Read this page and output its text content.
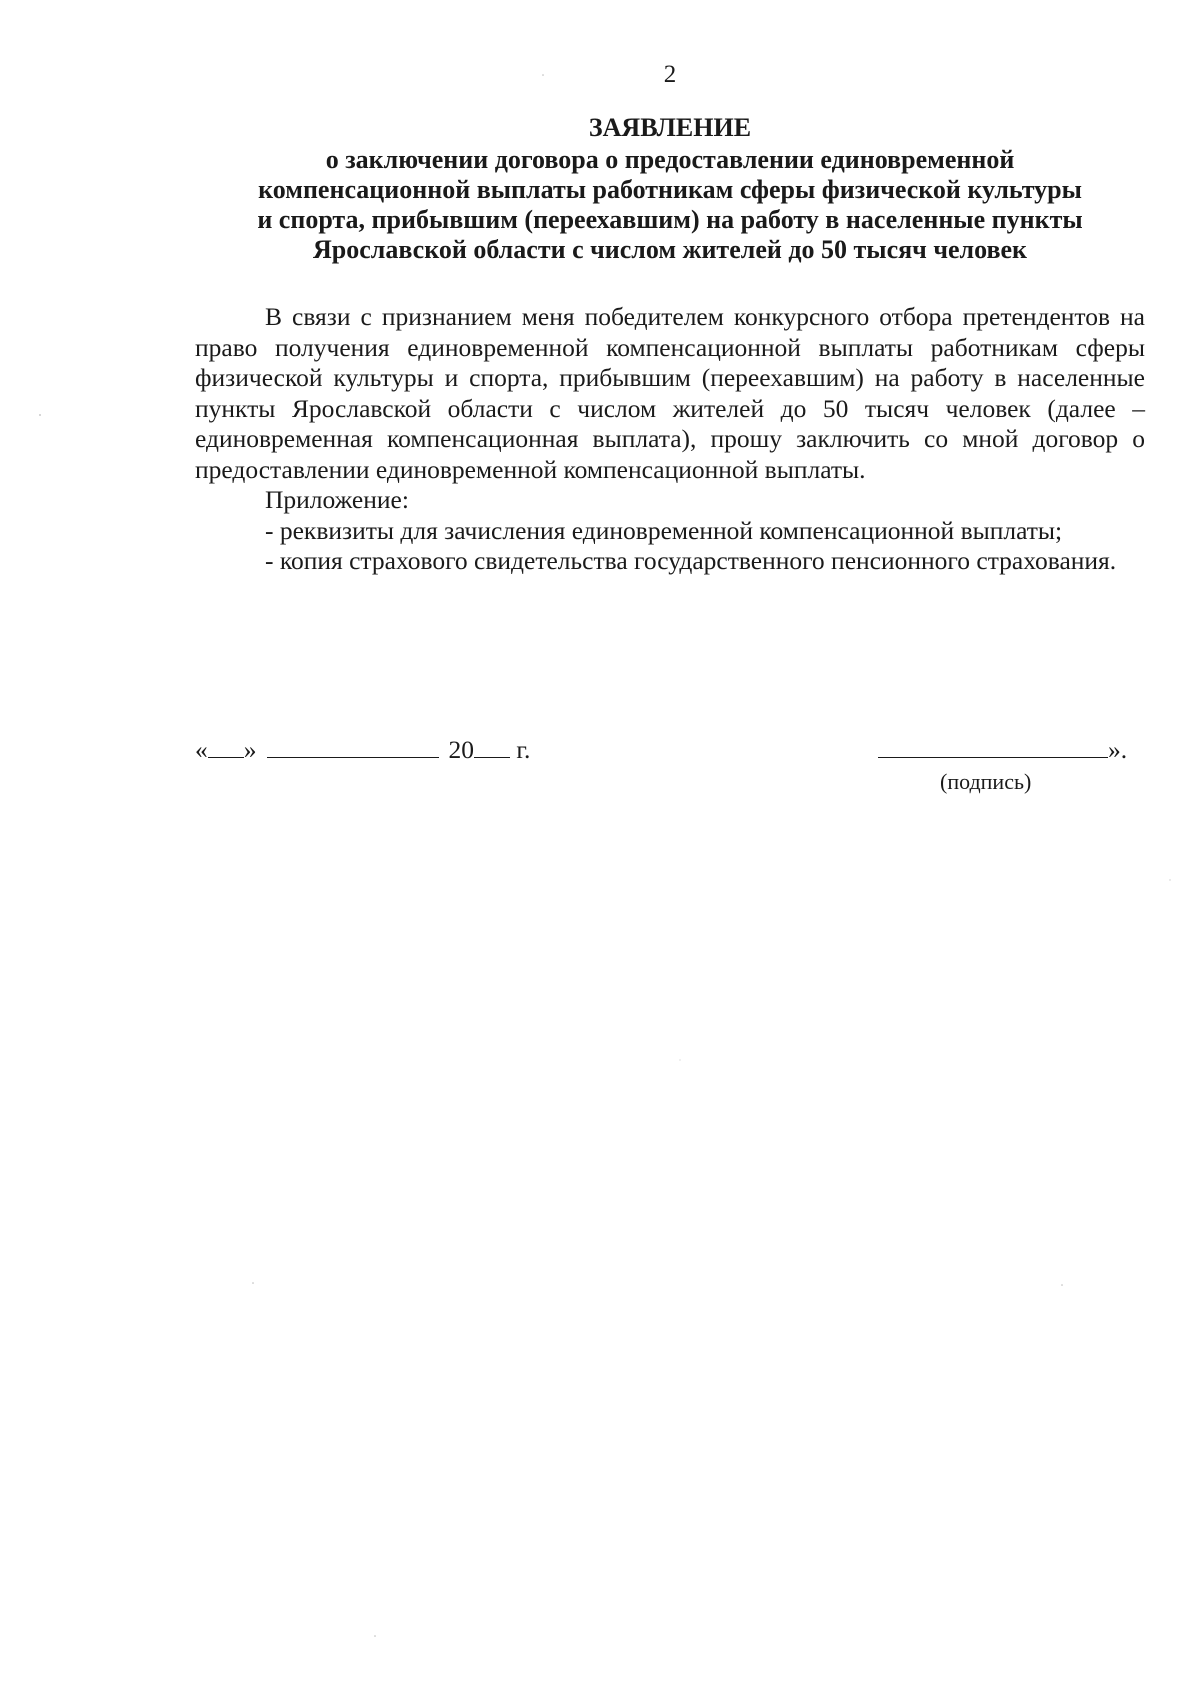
2
ЗАЯВЛЕНИЕ
о заключении договора о предоставлении единовременной
компенсационной выплаты работникам сферы физической культуры
и спорта, прибывшим (переехавшим) на работу в населенные пункты
Ярославской области с числом жителей до 50 тысяч человек

В связи с признанием меня победителем конкурсного отбора претендентов на право получения единовременной компенсационной выплаты работникам сферы физической культуры и спорта, прибывшим (переехавшим) на работу в населенные пункты Ярославской области с числом жителей до 50 тысяч человек (далее – единовременная компенсационная выплата), прошу заключить со мной договор о предоставлении единовременной компенсационной выплаты.

Приложение:

- реквизиты для зачисления единовременной компенсационной выплаты;

- копия страхового свидетельства государственного пенсионного страхования.

« »	20 г.	».
(подпись)
